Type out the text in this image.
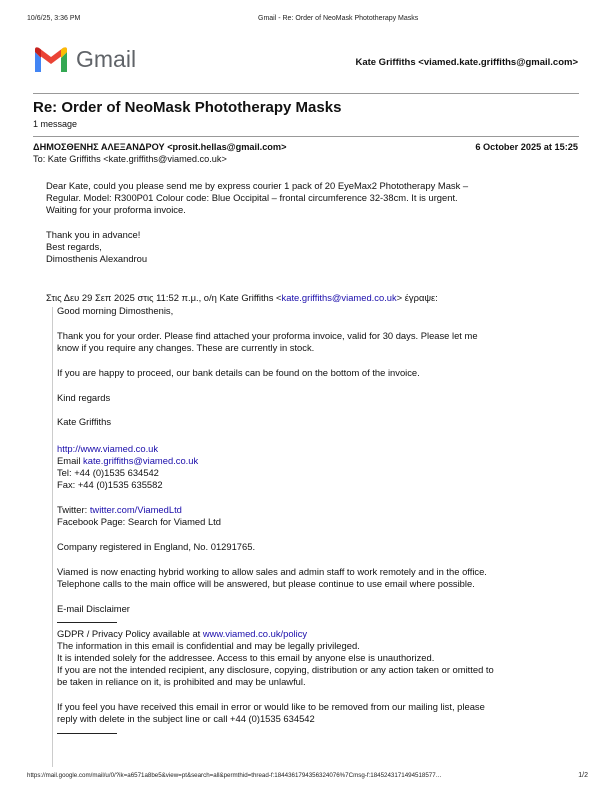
10/6/25, 3:36 PM	Gmail - Re: Order of NeoMask Phototherapy Masks
Gmail	Kate Griffiths <viamed.kate.griffiths@gmail.com>
Re: Order of NeoMask Phototherapy Masks
1 message
ΔΗΜΟΣΘΕΝΗΣ ΑΛΕΞΑΝΔΡΟΥ <prosit.hellas@gmail.com>	6 October 2025 at 15:25
To: Kate Griffiths <kate.griffiths@viamed.co.uk>
Dear Kate, could you please send me by express courier 1 pack of 20 EyeMax2 Phototherapy Mask –
Regular. Model: R300P01 Colour code: Blue Occipital – frontal circumference 32-38cm. It is urgent.
Waiting for your proforma invoice.
Thank you in advance!
Best regards,
Dimosthenis Alexandrou
Στις Δευ 29 Σεπ 2025 στις 11:52 π.μ., ο/η Kate Griffiths <kate.griffiths@viamed.co.uk> έγραψε:
Good morning Dimosthenis,
Thank you for your order. Please find attached your proforma invoice, valid for 30 days. Please let me
know if you require any changes. These are currently in stock.
If you are happy to proceed, our bank details can be found on the bottom of the invoice.
Kind regards
Kate Griffiths
http://www.viamed.co.uk
Email kate.griffiths@viamed.co.uk
Tel: +44 (0)1535 634542
Fax: +44 (0)1535 635582
Twitter: twitter.com/ViamedLtd
Facebook Page: Search for Viamed Ltd
Company registered in England, No. 01291765.
Viamed is now enacting hybrid working to allow sales and admin staff to work remotely and in the office.
Telephone calls to the main office will be answered, but please continue to use email where possible.
E-mail Disclaimer
GDPR / Privacy Policy available at www.viamed.co.uk/policy
The information in this email is confidential and may be legally privileged.
It is intended solely for the addressee. Access to this email by anyone else is unauthorized.
If you are not the intended recipient, any disclosure, copying, distribution or any action taken or omitted to
be taken in reliance on it, is prohibited and may be unlawful.
If you feel you have received this email in error or would like to be removed from our mailing list, please
reply with delete in the subject line or call +44 (0)1535 634542
https://mail.google.com/mail/u/0/?ik=a6571a8be5&view=pt&search=all&permthid=thread-f:1844361794356324076%7Cmsg-f:1845243171494518577…	1/2
